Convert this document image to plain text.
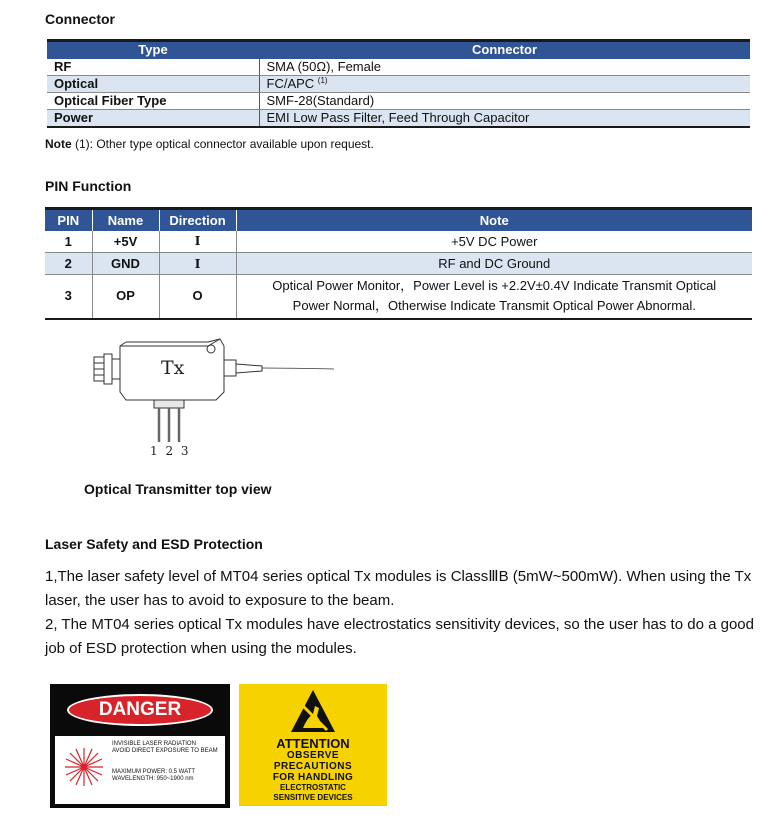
Connector
Type	Connector
RF	SMA (50Ω), Female
Optical	FC/APC $^{(1)}$
Optical Fiber Type	SMF-28(Standard)
Power	EMI Low Pass Filter, Feed Through Capacitor
Note (1): Other type optical connector available upon request.
PIN Function
PIN	Name	Direction	Note
1	+5V	I	+5V DC Power
2	GND	I	RF and DC Ground
3	OP	O	Optical Power Monitor，Power Level is +2.2V±0.4V Indicate Transmit Optical
Power Normal，Otherwise Indicate Transmit Optical Power Abnormal.
Tx
1 2 3
Optical Transmitter top view
Laser Safety and ESD Protection
1,The laser safety level of MT04 series optical Tx modules is ClassⅢB (5mW~500mW). When using the Tx laser, the user has to avoid to exposure to the beam.
2, The MT04 series optical Tx modules have electrostatics sensitivity devices, so the user has to do a good job of ESD protection when using the modules.
DANGER
INVISIBLE LASER RADIATION
AVOID DIRECT EXPOSURE TO BEAM
MAXIMUM POWER: 0.5 WATT
WAVELENGTH: 950~1900 nm
ATTENTION
OBSERVE
PRECAUTIONS
FOR HANDLING
ELECTROSTATIC
SENSITIVE DEVICES
